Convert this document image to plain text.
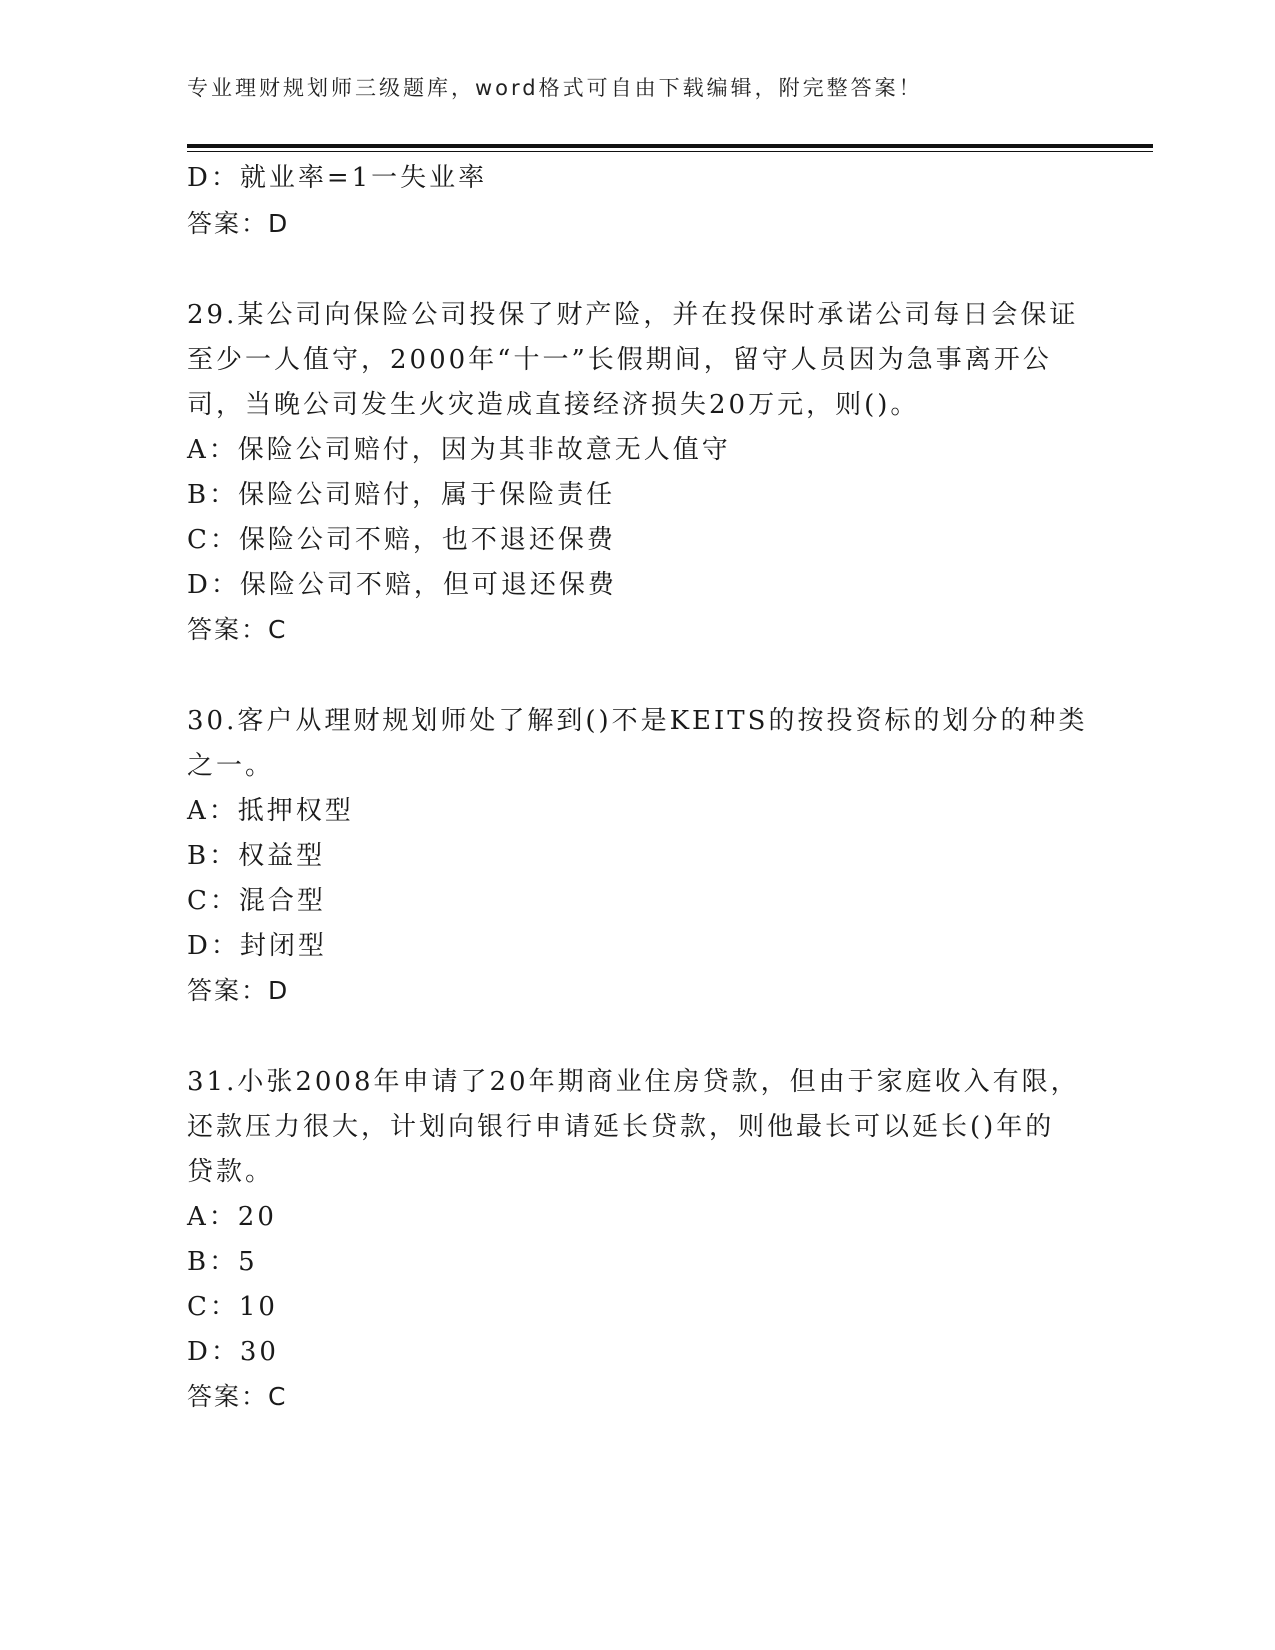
专业理财规划师三级题库，word格式可自由下载编辑，附完整答案！
D：就业率=1一失业率
答案：D
29.某公司向保险公司投保了财产险，并在投保时承诺公司每日会保证
至少一人值守，2000年“十一”长假期间，留守人员因为急事离开公
司，当晚公司发生火灾造成直接经济损失20万元，则()。
A：保险公司赔付，因为其非故意无人值守
B：保险公司赔付，属于保险责任
C：保险公司不赔，也不退还保费
D：保险公司不赔，但可退还保费
答案：C
30.客户从理财规划师处了解到()不是KEITS的按投资标的划分的种类
之一。
A：抵押权型
B：权益型
C：混合型
D：封闭型
答案：D
31.小张2008年申请了20年期商业住房贷款，但由于家庭收入有限，
还款压力很大，计划向银行申请延长贷款，则他最长可以延长()年的
贷款。
A：20
B：5
C：10
D：30
答案：C
